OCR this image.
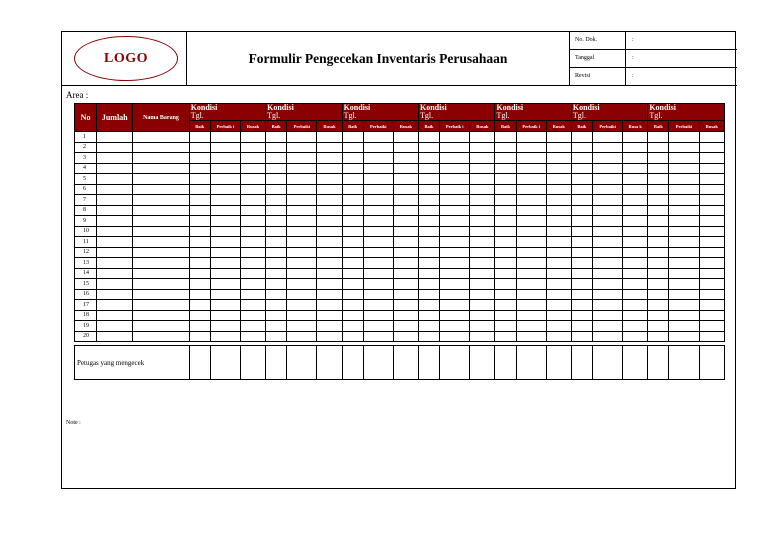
LOGO	Formulir Pengecekan Inventaris Perusahaan
No. Dok.	:
Tanggal	:
Revisi	:
Area :
No	Jumlah	Nama Barang	Kondisi			Kondisi			Kondisi			Kondisi			Kondisi			Kondisi			Kondisi		
			Tgl.			Tgl.			Tgl.			Tgl.			Tgl.			Tgl.			Tgl.		
			Baik	Perbaik i	Rusak	Baik	Perbaiki	Rusak	Baik	Perbaiki	Rusak	Baik	Perbaik i	Rusak	Baik	Perbaik i	Rusak	Baik	Perbaiki	Rusa k	Baik	Perbaiki	Rusak
1																							
2																							
3																							
4																							
5																							
6																							
7																							
8																							
9																							
10																							
11																							
12																							
13																							
14																							
15																							
16																							
17																							
18																							
19																							
20																							

Petugas yang mengecek																							
Note :
